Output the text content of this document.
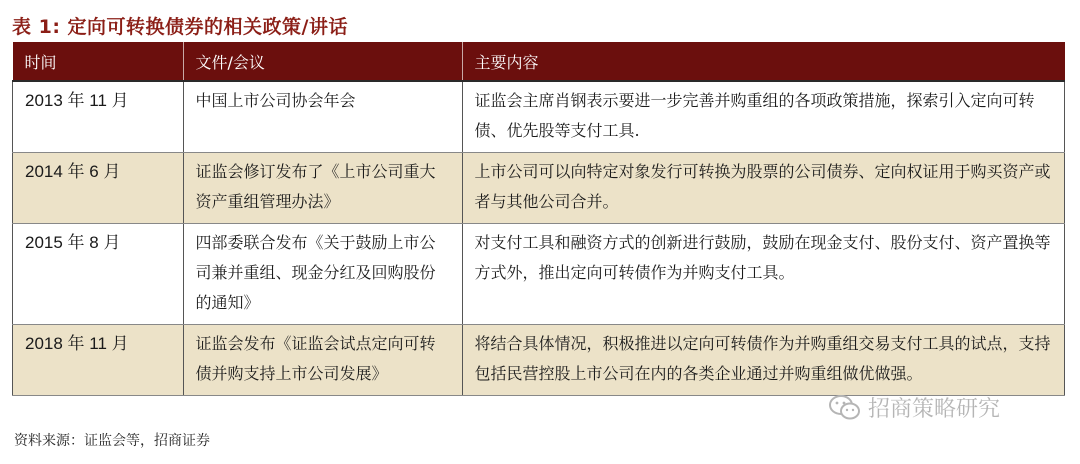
表 1: 定向可转换债券的相关政策/讲话
时间	文件/会议	主要内容
2013 年 11 月	中国上市公司协会年会	证监会主席肖钢表示要进一步完善并购重组的各项政策措施，探索引入定向可转债、优先股等支付工具.
2014 年 6 月	证监会修订发布了《上市公司重大资产重组管理办法》	上市公司可以向特定对象发行可转换为股票的公司债券、定向权证用于购买资产或者与其他公司合并。
2015 年 8 月	四部委联合发布《关于鼓励上市公司兼并重组、现金分红及回购股份的通知》	对支付工具和融资方式的创新进行鼓励，鼓励在现金支付、股份支付、资产置换等方式外，推出定向可转债作为并购支付工具。
2018 年 11 月	证监会发布《证监会试点定向可转债并购支持上市公司发展》	将结合具体情况，积极推进以定向可转债作为并购重组交易支付工具的试点，支持包括民营控股上市公司在内的各类企业通过并购重组做优做强。
招商策略研究
资料来源：证监会等，招商证券
